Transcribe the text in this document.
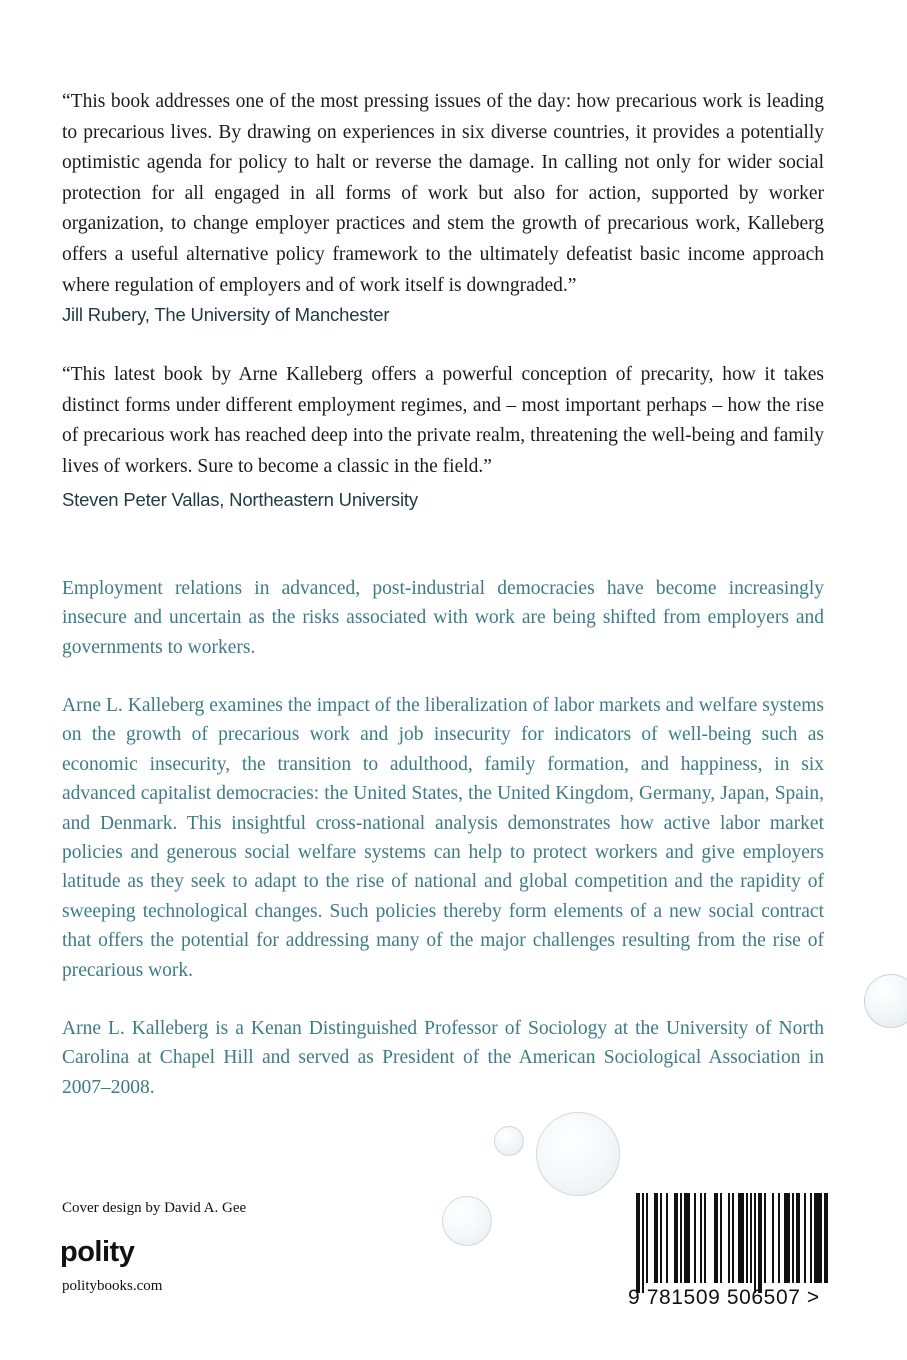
“This book addresses one of the most pressing issues of the day: how precarious work is leading to precarious lives. By drawing on experiences in six diverse countries, it provides a potentially optimistic agenda for policy to halt or reverse the damage. In calling not only for wider social protection for all engaged in all forms of work but also for action, supported by worker organization, to change employer practices and stem the growth of precarious work, Kalleberg offers a useful alternative policy framework to the ultimately defeatist basic income approach where regulation of employers and of work itself is downgraded.”

Jill Rubery, The University of Manchester

“This latest book by Arne Kalleberg offers a powerful conception of precarity, how it takes distinct forms under different employment regimes, and – most important perhaps – how the rise of precarious work has reached deep into the private realm, threatening the well-being and family lives of workers. Sure to become a classic in the field.”

Steven Peter Vallas, Northeastern University

Employment relations in advanced, post-industrial democracies have become increasingly insecure and uncertain as the risks associated with work are being shifted from employers and governments to workers.

Arne L. Kalleberg examines the impact of the liberalization of labor markets and welfare systems on the growth of precarious work and job insecurity for indicators of well-being such as economic insecurity, the transition to adulthood, family formation, and happiness, in six advanced capitalist democracies: the United States, the United Kingdom, Germany, Japan, Spain, and Denmark. This insightful cross-national analysis demonstrates how active labor market policies and generous social welfare systems can help to protect workers and give employers latitude as they seek to adapt to the rise of national and global competition and the rapidity of sweeping technological changes. Such policies thereby form elements of a new social contract that offers the potential for addressing many of the major challenges resulting from the rise of precarious work.

Arne L. Kalleberg is a Kenan Distinguished Professor of Sociology at the University of North Carolina at Chapel Hill and served as President of the American Sociological Association in 2007–2008.

Cover design by David A. Gee
polity
politybooks.com	9 781509 506507 >
